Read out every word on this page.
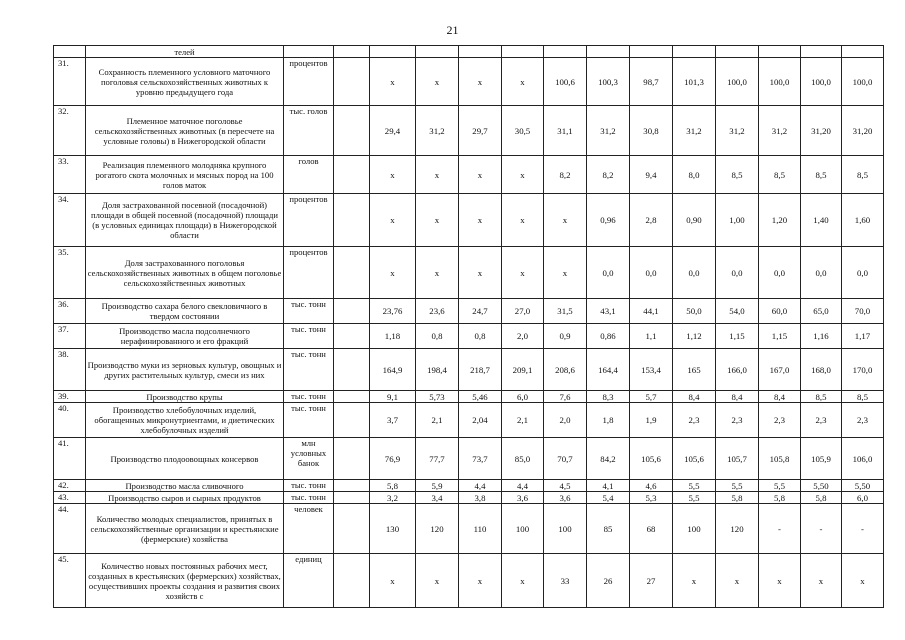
21
	телей															
31.	Сохранность племенного условного маточного поголовья сельскохозяйственных животных к уровню предыдущего года	процентов		x	x	x	x	100,6	100,3	98,7	101,3	100,0	100,0	100,0	100,0	
32.	Племенное маточное поголовье сельскохозяйственных животных (в пересчете на условные головы) в Нижегородской области	тыс. голов		29,4	31,2	29,7	30,5	31,1	31,2	30,8	31,2	31,2	31,2	31,20	31,20	
33.	Реализация племенного молодняка крупного рогатого скота молочных и мясных пород на 100 голов маток	голов		x	x	x	x	8,2	8,2	9,4	8,0	8,5	8,5	8,5	8,5	
34.	Доля застрахованной посевной (посадочной) площади в общей посевной (посадочной) площади (в условных единицах площади) в Нижегородской области	процентов		x	x	x	x	x	0,96	2,8	0,90	1,00	1,20	1,40	1,60	
35.	Доля застрахованного поголовья сельскохозяйственных животных в общем поголовье сельскохозяйственных животных	процентов		x	x	x	x	x	0,0	0,0	0,0	0,0	0,0	0,0	0,0	
36.	Производство сахара белого свекловичного в твердом состоянии	тыс. тонн		23,76	23,6	24,7	27,0	31,5	43,1	44,1	50,0	54,0	60,0	65,0	70,0	
37.	Производство масла подсолнечного нерафинированного и его фракций	тыс. тонн		1,18	0,8	0,8	2,0	0,9	0,86	1,1	1,12	1,15	1,15	1,16	1,17	
38.	Производство муки из зерновых культур, овощных и других растительных культур, смеси из них	тыс. тонн		164,9	198,4	218,7	209,1	208,6	164,4	153,4	165	166,0	167,0	168,0	170,0	
39.	Производство крупы	тыс. тонн		9,1	5,73	5,46	6,0	7,6	8,3	5,7	8,4	8,4	8,4	8,5	8,5	
40.	Производство хлебобулочных изделий, обогащенных микронутриентами, и диетических хлебобулочных изделий	тыс. тонн		3,7	2,1	2,04	2,1	2,0	1,8	1,9	2,3	2,3	2,3	2,3	2,3	
41.	Производство плодоовощных консервов	млн условных банок		76,9	77,7	73,7	85,0	70,7	84,2	105,6	105,6	105,7	105,8	105,9	106,0	
42.	Производство масла сливочного	тыс. тонн		5,8	5,9	4,4	4,4	4,5	4,1	4,6	5,5	5,5	5,5	5,50	5,50	
43.	Производство сыров и сырных продуктов	тыс. тонн		3,2	3,4	3,8	3,6	3,6	5,4	5,3	5,5	5,8	5,8	5,8	6,0	
44.	Количество молодых специалистов, принятых в сельскохозяйственные организации и крестьянские (фермерские) хозяйства	человек		130	120	110	100	100	85	68	100	120	-	-	-	
45.	Количество новых постоянных рабочих мест, созданных в крестьянских (фермерских) хозяйствах, осуществивших проекты создания и развития своих хозяйств с	единиц		x	x	x	x	33	26	27	x	x	x	x	x	
